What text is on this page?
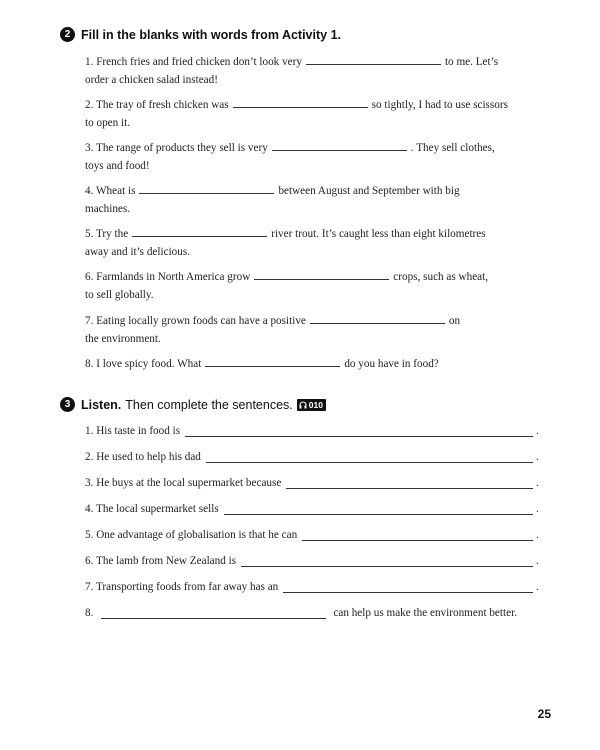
2 Fill in the blanks with words from Activity 1.
1. French fries and fried chicken don’t look very	to me. Let’s
order a chicken salad instead!
2. The tray of fresh chicken was	so tightly, I had to use scissors
to open it.
3. The range of products they sell is very	. They sell clothes,
toys and food!
4. Wheat is	between August and September with big
machines.
5. Try the	river trout. It’s caught less than eight kilometres
away and it’s delicious.
6. Farmlands in North America grow	crops, such as wheat,
to sell globally.
7. Eating locally grown foods can have a positive	on
the environment.
8. I love spicy food. What	do you have in food?
3 Listen. Then complete the sentences. 010
1. His taste in food is	.
2. He used to help his dad	.
3. He buys at the local supermarket because	.
4. The local supermarket sells	.
5. One advantage of globalisation is that he can	.
6. The lamb from New Zealand is	.
7. Transporting foods from far away has an	.
8.	can help us make the environment better.
25
